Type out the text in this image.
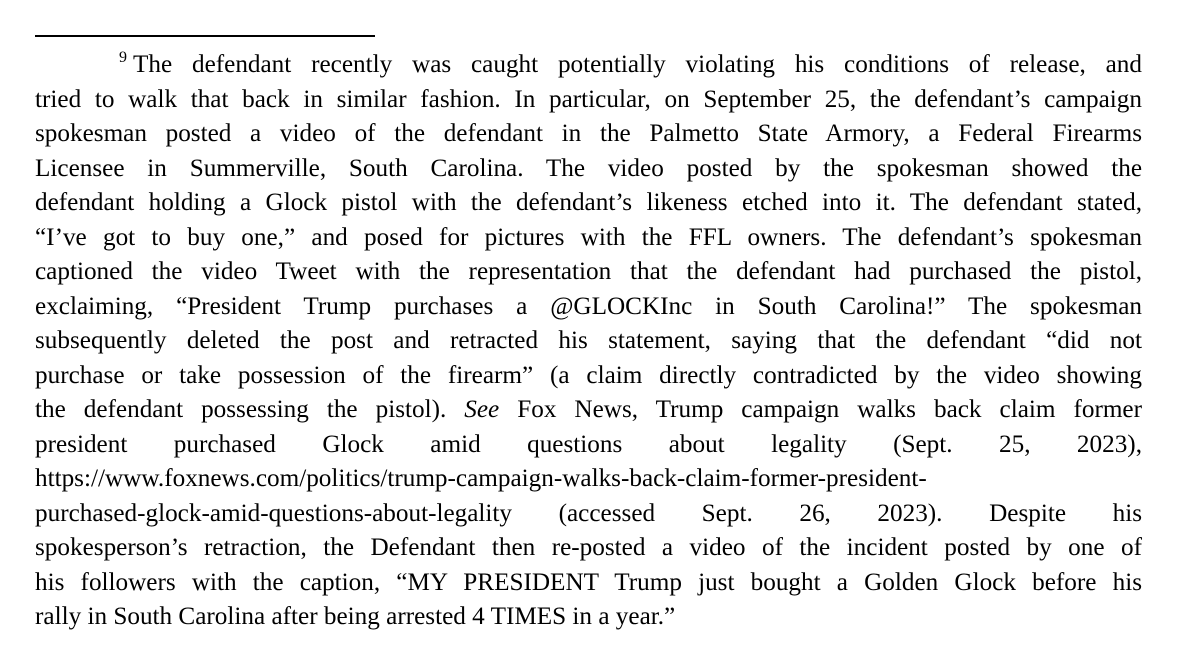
$^9$ The defendant recently was caught potentially violating his conditions of release, and
tried to walk that back in similar fashion. In particular, on September 25, the defendant’s campaign
spokesman posted a video of the defendant in the Palmetto State Armory, a Federal Firearms
Licensee in Summerville, South Carolina. The video posted by the spokesman showed the
defendant holding a Glock pistol with the defendant’s likeness etched into it. The defendant stated,
“I’ve got to buy one,” and posed for pictures with the FFL owners. The defendant’s spokesman
captioned the video Tweet with the representation that the defendant had purchased the pistol,
exclaiming, “President Trump purchases a @GLOCKInc in South Carolina!” The spokesman
subsequently deleted the post and retracted his statement, saying that the defendant “did not
purchase or take possession of the firearm” (a claim directly contradicted by the video showing
the defendant possessing the pistol). See Fox News, Trump campaign walks back claim former
president purchased Glock amid questions about legality (Sept. 25, 2023),
https://www.foxnews.com/politics/trump-campaign-walks-back-claim-former-president-
purchased-glock-amid-questions-about-legality (accessed Sept. 26, 2023). Despite his
spokesperson’s retraction, the Defendant then re-posted a video of the incident posted by one of
his followers with the caption, “MY PRESIDENT Trump just bought a Golden Glock before his
rally in South Carolina after being arrested 4 TIMES in a year.”
